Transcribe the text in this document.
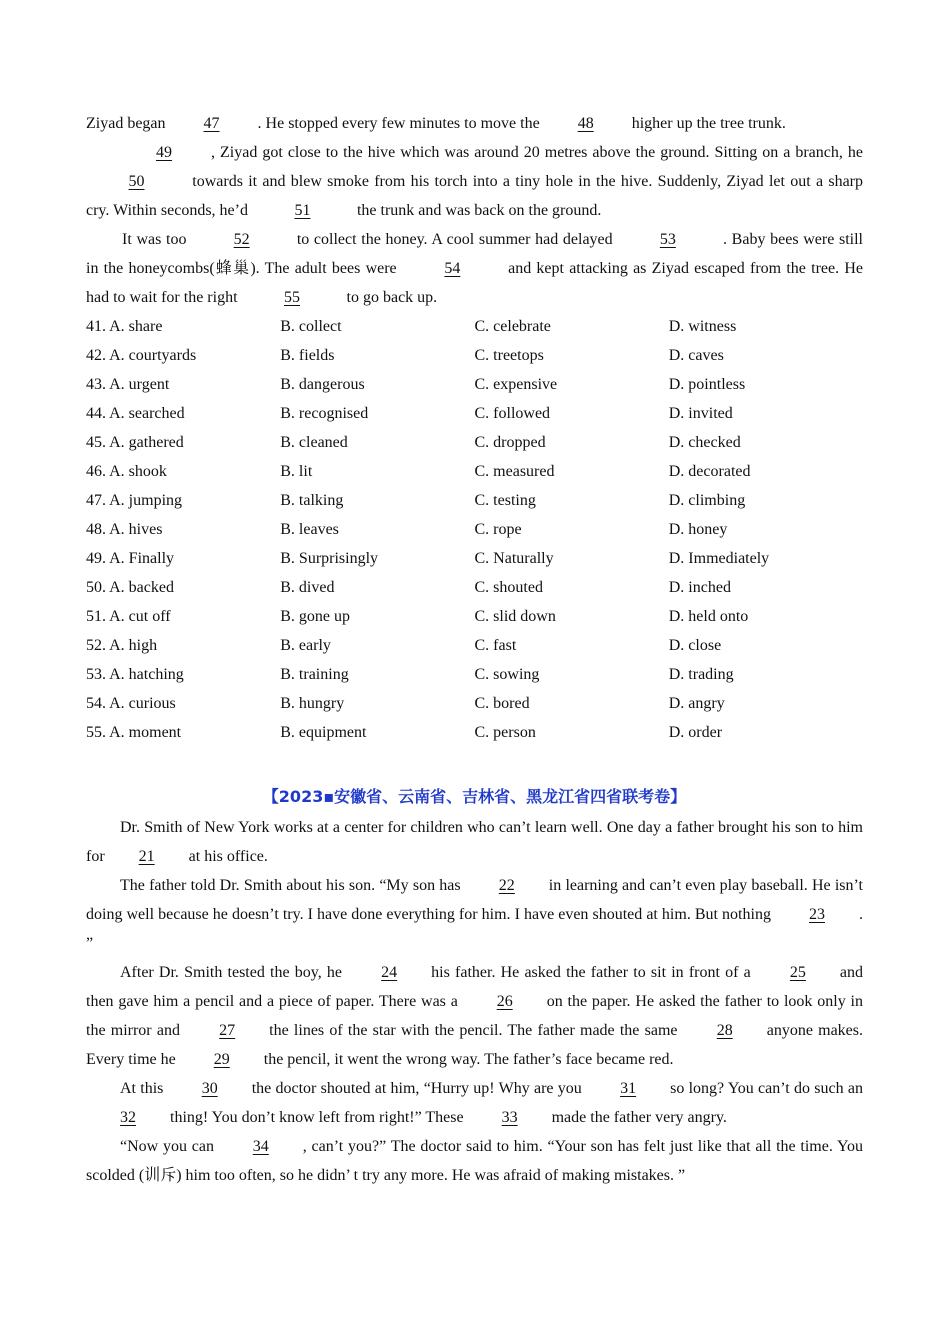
Ziyad began 47 . He stopped every few minutes to move the 48 higher up the tree trunk.

49 , Ziyad got close to the hive which was around 20 metres above the ground. Sitting on a branch, he 50	towards it and blew smoke from his torch into a tiny hole in the hive. Suddenly, Ziyad let out a sharp cry. Within seconds, he’d	51	the trunk and was back on the ground.

It was too	52	to collect the honey. A cool summer had delayed	53	. Baby bees were still in the honeycombs(蜂巢). The adult bees were	54	and kept attacking as Ziyad escaped from the tree. He had to wait for the right	55	to go back up.

41. A. share	B. collect	C. celebrate	D. witness
42. A. courtyards	B. fields	C. treetops	D. caves
43. A. urgent	B. dangerous	C. expensive	D. pointless
44. A. searched	B. recognised	C. followed	D. invited
45. A. gathered	B. cleaned	C. dropped	D. checked
46. A. shook	B. lit	C. measured	D. decorated
47. A. jumping	B. talking	C. testing	D. climbing
48. A. hives	B. leaves	C. rope	D. honey
49. A. Finally	B. Surprisingly	C. Naturally	D. Immediately
50. A. backed	B. dived	C. shouted	D. inched
51. A. cut off	B. gone up	C. slid down	D. held onto
52. A. high	B. early	C. fast	D. close
53. A. hatching	B. training	C. sowing	D. trading
54. A. curious	B. hungry	C. bored	D. angry
55. A. moment	B. equipment	C. person	D. order
【2023▪安徽省、云南省、吉林省、黑龙江省四省联考卷】

Dr. Smith of New York works at a center for children who can’t learn well. One day a father brought his son to him for 21 at his office.

The father told Dr. Smith about his son. “My son has 22 in learning and can’t even play baseball. He isn’t doing well because he doesn’t try. I have done everything for him. I have even shouted at him. But nothing 23 . ”

After Dr. Smith tested the boy, he 24 his father. He asked the father to sit in front of a 25 and then gave him a pencil and a piece of paper. There was a 26 on the paper. He asked the father to look only in the mirror and 27 the lines of the star with the pencil. The father made the same 28 anyone makes. Every time he 29 the pencil, it went the wrong way. The father’s face became red.

At this 30 the doctor shouted at him, “Hurry up! Why are you 31 so long? You can’t do such an 32 thing! You don’t know left from right!” These 33 made the father very angry.

“Now you can 34 , can’t you?” The doctor said to him. “Your son has felt just like that all the time. You scolded (训斥) him too often, so he didn’ t try any more. He was afraid of making mistakes. ”
